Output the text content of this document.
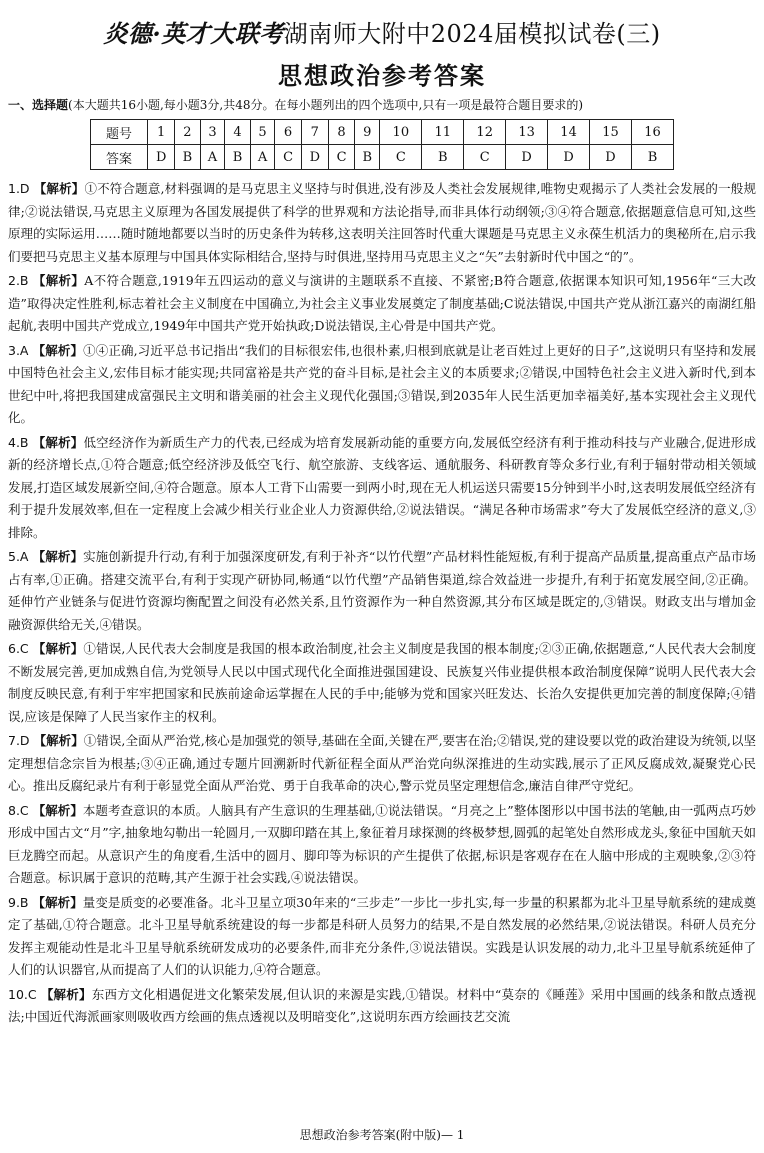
炎德·英才大联考湖南师大附中2024届模拟试卷(三)
思想政治参考答案
一、选择题(本大题共16小题,每小题3分,共48分。在每小题列出的四个选项中,只有一项是最符合题目要求的)
题号	1	2	3	4	5	6	7	8	9	10	11	12	13	14	15	16
答案	D	B	A	B	A	C	D	C	B	C	B	C	D	D	D	B

1.D 【解析】①不符合题意,材料强调的是马克思主义坚持与时俱进,没有涉及人类社会发展规律,唯物史观揭示了人类社会发展的一般规律;②说法错误,马克思主义原理为各国发展提供了科学的世界观和方法论指导,而非具体行动纲领;③④符合题意,依据题意信息可知,这些原理的实际运用……随时随地都要以当时的历史条件为转移,这表明关注回答时代重大课题是马克思主义永葆生机活力的奥秘所在,启示我们要把马克思主义基本原理与中国具体实际相结合,坚持与时俱进,坚持用马克思主义之“矢”去射新时代中国之“的”。

2.B 【解析】A不符合题意,1919年五四运动的意义与演讲的主题联系不直接、不紧密;B符合题意,依据课本知识可知,1956年“三大改造”取得决定性胜利,标志着社会主义制度在中国确立,为社会主义事业发展奠定了制度基础;C说法错误,中国共产党从浙江嘉兴的南湖红船起航,表明中国共产党成立,1949年中国共产党开始执政;D说法错误,主心骨是中国共产党。

3.A 【解析】①④正确,习近平总书记指出“我们的目标很宏伟,也很朴素,归根到底就是让老百姓过上更好的日子”,这说明只有坚持和发展中国特色社会主义,宏伟目标才能实现;共同富裕是共产党的奋斗目标,是社会主义的本质要求;②错误,中国特色社会主义进入新时代,到本世纪中叶,将把我国建成富强民主文明和谐美丽的社会主义现代化强国;③错误,到2035年人民生活更加幸福美好,基本实现社会主义现代化。

4.B 【解析】低空经济作为新质生产力的代表,已经成为培育发展新动能的重要方向,发展低空经济有利于推动科技与产业融合,促进形成新的经济增长点,①符合题意;低空经济涉及低空飞行、航空旅游、支线客运、通航服务、科研教育等众多行业,有利于辐射带动相关领域发展,打造区域发展新空间,④符合题意。原本人工背下山需要一到两小时,现在无人机运送只需要15分钟到半小时,这表明发展低空经济有利于提升发展效率,但在一定程度上会减少相关行业企业人力资源供给,②说法错误。“满足各种市场需求”夸大了发展低空经济的意义,③排除。

5.A 【解析】实施创新提升行动,有利于加强深度研发,有利于补齐“以竹代塑”产品材料性能短板,有利于提高产品质量,提高重点产品市场占有率,①正确。搭建交流平台,有利于实现产研协同,畅通“以竹代塑”产品销售渠道,综合效益进一步提升,有利于拓宽发展空间,②正确。延伸竹产业链条与促进竹资源均衡配置之间没有必然关系,且竹资源作为一种自然资源,其分布区域是既定的,③错误。财政支出与增加金融资源供给无关,④错误。

6.C 【解析】①错误,人民代表大会制度是我国的根本政治制度,社会主义制度是我国的根本制度;②③正确,依据题意,“人民代表大会制度不断发展完善,更加成熟自信,为党领导人民以中国式现代化全面推进强国建设、民族复兴伟业提供根本政治制度保障”说明人民代表大会制度反映民意,有利于牢牢把国家和民族前途命运掌握在人民的手中;能够为党和国家兴旺发达、长治久安提供更加完善的制度保障;④错误,应该是保障了人民当家作主的权利。

7.D 【解析】①错误,全面从严治党,核心是加强党的领导,基础在全面,关键在严,要害在治;②错误,党的建设要以党的政治建设为统领,以坚定理想信念宗旨为根基;③④正确,通过专题片回溯新时代新征程全面从严治党向纵深推进的生动实践,展示了正风反腐成效,凝聚党心民心。推出反腐纪录片有利于彰显党全面从严治党、勇于自我革命的决心,警示党员坚定理想信念,廉洁自律严守党纪。

8.C 【解析】本题考查意识的本质。人脑具有产生意识的生理基础,①说法错误。“月亮之上”整体图形以中国书法的笔触,由一弧两点巧妙形成中国古文“月”字,抽象地勾勒出一轮圆月,一双脚印踏在其上,象征着月球探测的终极梦想,圆弧的起笔处自然形成龙头,象征中国航天如巨龙腾空而起。从意识产生的角度看,生活中的圆月、脚印等为标识的产生提供了依据,标识是客观存在在人脑中形成的主观映象,②③符合题意。标识属于意识的范畴,其产生源于社会实践,④说法错误。

9.B 【解析】量变是质变的必要准备。北斗卫星立项30年来的“三步走”一步比一步扎实,每一步量的积累都为北斗卫星导航系统的建成奠定了基础,①符合题意。北斗卫星导航系统建设的每一步都是科研人员努力的结果,不是自然发展的必然结果,②说法错误。科研人员充分发挥主观能动性是北斗卫星导航系统研发成功的必要条件,而非充分条件,③说法错误。实践是认识发展的动力,北斗卫星导航系统延伸了人们的认识器官,从而提高了人们的认识能力,④符合题意。

10.C 【解析】东西方文化相遇促进文化繁荣发展,但认识的来源是实践,①错误。材料中“莫奈的《睡莲》采用中国画的线条和散点透视法;中国近代海派画家则吸收西方绘画的焦点透视以及明暗变化”,这说明东西方绘画技艺交流

思想政治参考答案(附中版)— 1
